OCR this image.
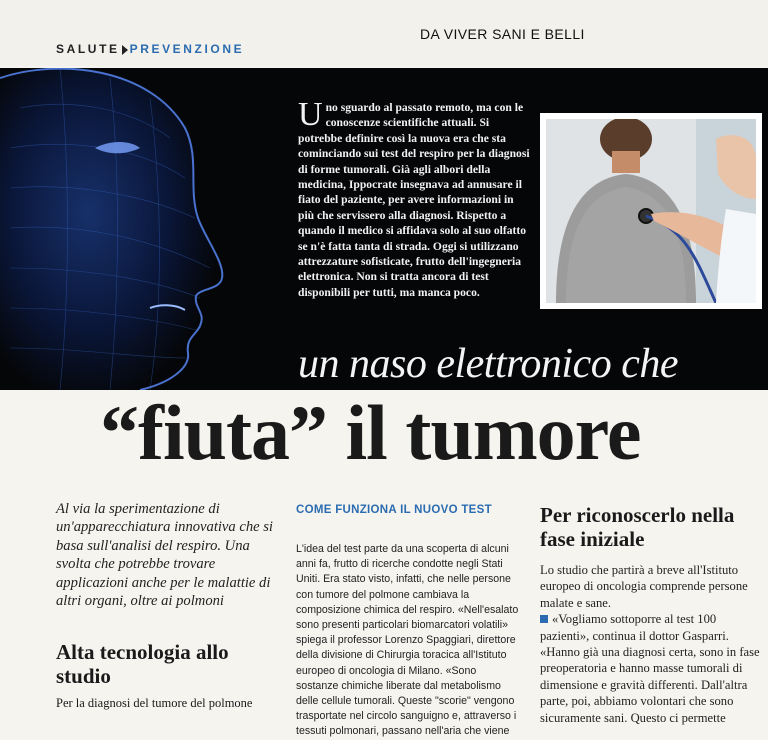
SALUTE PREVENZIONE
DA VIVER SANI E BELLI
Uno sguardo al passato remoto, ma con le conoscenze scientifiche attuali. Si potrebbe definire così la nuova era che sta cominciando sui test del respiro per la diagnosi di forme tumorali. Già agli albori della medicina, Ippocrate insegnava ad annusare il fiato del paziente, per avere informazioni in più che servissero alla diagnosi. Rispetto a quando il medico si affidava solo al suo olfatto se n'è fatta tanta di strada. Oggi si utilizzano attrezzature sofisticate, frutto dell'ingegneria elettronica. Non si tratta ancora di test disponibili per tutti, ma manca poco.
un naso elettronico che
“fiuta” il tumore
Al via la sperimentazione di un'apparecchiatura innovativa che si basa sull'analisi del respiro. Una svolta che potrebbe trovare applicazioni anche per le malattie di altri organi, oltre ai polmoni
Alta tecnologia allo studio
Per la diagnosi del tumore del polmone
COME FUNZIONA IL NUOVO TEST
L'idea del test parte da una scoperta di alcuni anni fa, frutto di ricerche condotte negli Stati Uniti. Era stato visto, infatti, che nelle persone con tumore del polmone cambiava la composizione chimica del respiro. «Nell'esalato sono presenti particolari biomarcatori volatili» spiega il professor Lorenzo Spaggiari, direttore della divisione di Chirurgia toracica all'Istituto europeo di oncologia di Milano. «Sono sostanze chimiche liberate dal metabolismo delle cellule tumorali. Queste "scorie" vengono trasportate nel circolo sanguigno e, attraverso i tessuti polmonari, passano nell'aria che viene
Per riconoscerlo nella fase iniziale

Lo studio che partirà a breve all'Istituto europeo di oncologia comprende persone malate e sane.

«Vogliamo sottoporre al test 100 pazienti», continua il dottor Gasparri. «Hanno già una diagnosi certa, sono in fase preoperatoria e hanno masse tumorali di dimensione e gravità differenti. Dall'altra parte, poi, abbiamo volontari che sono sicuramente sani. Questo ci permette
